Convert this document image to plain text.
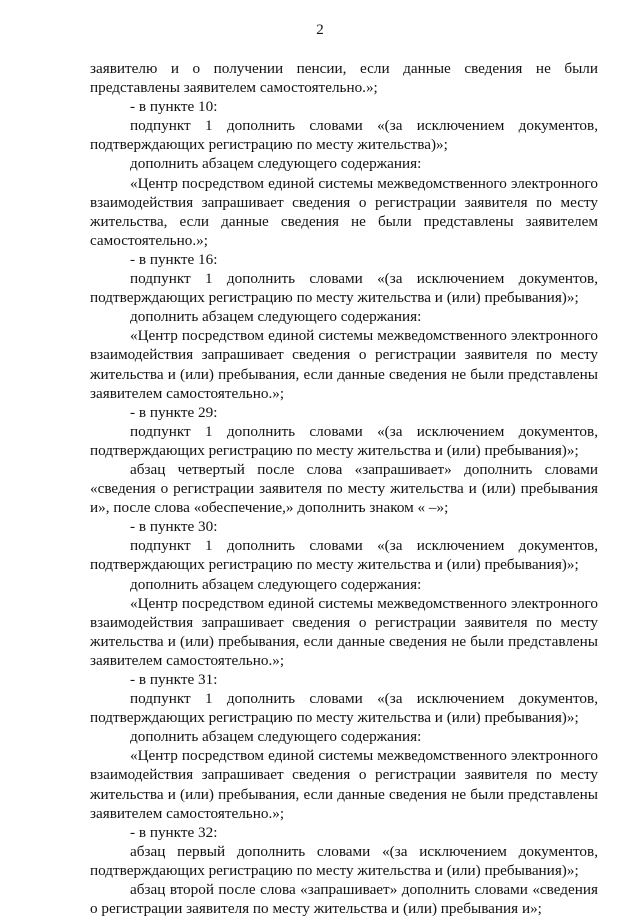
2

заявителю и о получении пенсии, если данные сведения не были представлены заявителем самостоятельно.»;

- в пункте 10:

подпункт 1 дополнить словами «(за исключением документов, подтверждающих регистрацию по месту жительства)»;

дополнить абзацем следующего содержания:

«Центр посредством единой системы межведомственного электронного взаимодействия запрашивает сведения о регистрации заявителя по месту жительства, если данные сведения не были представлены заявителем самостоятельно.»;

- в пункте 16:

подпункт 1 дополнить словами «(за исключением документов, подтверждающих регистрацию по месту жительства и (или) пребывания)»;

дополнить абзацем следующего содержания:

«Центр посредством единой системы межведомственного электронного взаимодействия запрашивает сведения о регистрации заявителя по месту жительства и (или) пребывания, если данные сведения не были представлены заявителем самостоятельно.»;

- в пункте 29:

подпункт 1 дополнить словами «(за исключением документов, подтверждающих регистрацию по месту жительства и (или) пребывания)»;

абзац четвертый после слова «запрашивает» дополнить словами «сведения о регистрации заявителя по месту жительства и (или) пребывания и», после слова «обеспечение,» дополнить знаком « –»;

- в пункте 30:

подпункт 1 дополнить словами «(за исключением документов, подтверждающих регистрацию по месту жительства и (или) пребывания)»;

дополнить абзацем следующего содержания:

«Центр посредством единой системы межведомственного электронного взаимодействия запрашивает сведения о регистрации заявителя по месту жительства и (или) пребывания, если данные сведения не были представлены заявителем самостоятельно.»;

- в пункте 31:

подпункт 1 дополнить словами «(за исключением документов, подтверждающих регистрацию по месту жительства и (или) пребывания)»;

дополнить абзацем следующего содержания:

«Центр посредством единой системы межведомственного электронного взаимодействия запрашивает сведения о регистрации заявителя по месту жительства и (или) пребывания, если данные сведения не были представлены заявителем самостоятельно.»;

- в пункте 32:

абзац первый дополнить словами «(за исключением документов, подтверждающих регистрацию по месту жительства и (или) пребывания)»;

абзац второй после слова «запрашивает» дополнить словами «сведения о регистрации заявителя по месту жительства и (или) пребывания и»;
